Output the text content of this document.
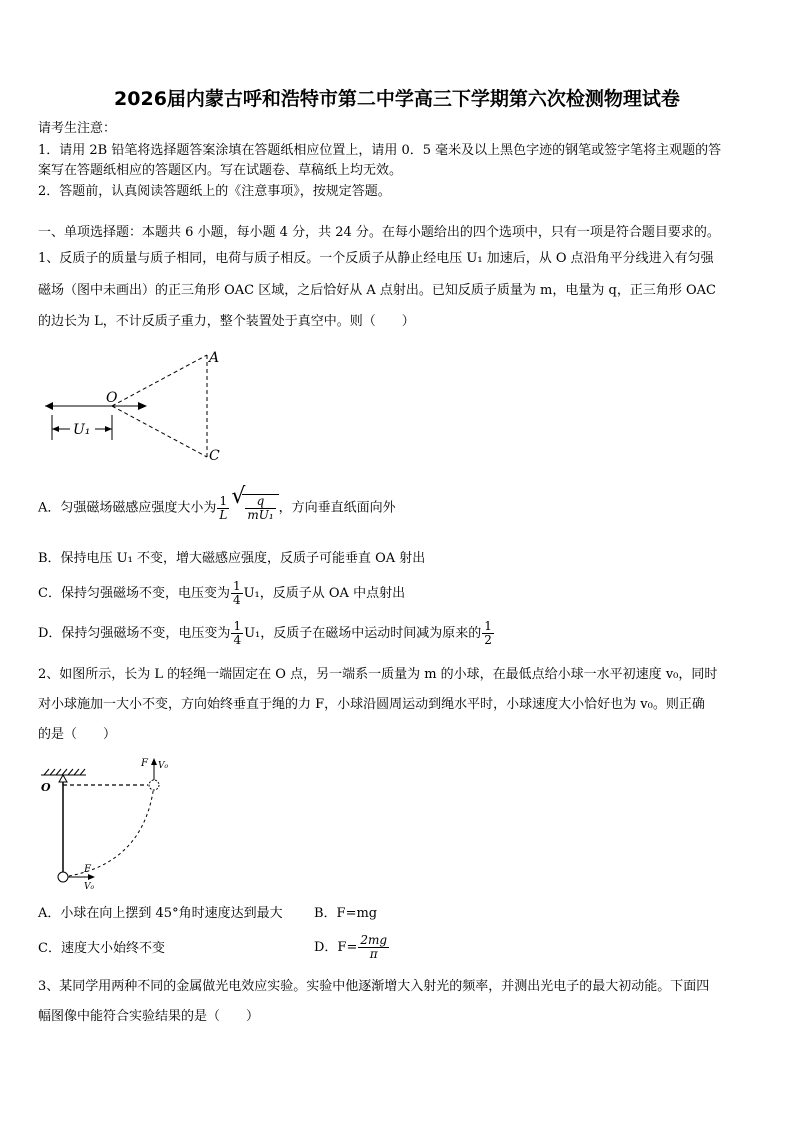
2026届内蒙古呼和浩特市第二中学高三下学期第六次检测物理试卷
请考生注意：
1．请用 2B 铅笔将选择题答案涂填在答题纸相应位置上，请用 0．5 毫米及以上黑色字迹的钢笔或签字笔将主观题的答
案写在答题纸相应的答题区内。写在试题卷、草稿纸上均无效。
2．答题前，认真阅读答题纸上的《注意事项》，按规定答题。
一、单项选择题：本题共 6 小题，每小题 4 分，共 24 分。在每小题给出的四个选项中，只有一项是符合题目要求的。
1、反质子的质量与质子相同，电荷与质子相反。一个反质子从静止经电压 U₁ 加速后，从 O 点沿角平分线进入有匀强
磁场（图中未画出）的正三角形 OAC 区域，之后恰好从 A 点射出。已知反质子质量为 m，电量为 q，正三角形 OAC
的边长为 L，不计反质子重力，整个装置处于真空中。则（　　）
A
C
O
U₁
A．匀强磁场磁感应强度大小为 $\frac{1}{L}$
√ $\frac{q}{\text{mU₁}}$ ，方向垂直纸面向外
B．保持电压 U₁ 不变，增大磁感应强度，反质子可能垂直 OA 射出
C．保持匀强磁场不变，电压变为 $\frac{1}{4} U_1$，反质子从 OA 中点射出
D．保持匀强磁场不变，电压变为 $\frac{1}{4} U_1$，反质子在磁场中运动时间减为原来的 $\frac{1}{2}$
2、如图所示，长为 L 的轻绳一端固定在 O 点，另一端系一质量为 m 的小球，在最低点给小球一水平初速度 v₀，同时
对小球施加一大小不变，方向始终垂直于绳的力 F，小球沿圆周运动到绳水平时，小球速度大小恰好也为 v₀。则正确
的是（　　）
O
F V₀
F
V₀
A．小球在向上摆到 45°角时速度达到最大 B．F=mg
C．速度大小始终不变	D．$F= \frac{2mg}{\pi}$
3、某同学用两种不同的金属做光电效应实验。实验中他逐渐增大入射光的频率，并测出光电子的最大初动能。下面四
幅图像中能符合实验结果的是（　　）
